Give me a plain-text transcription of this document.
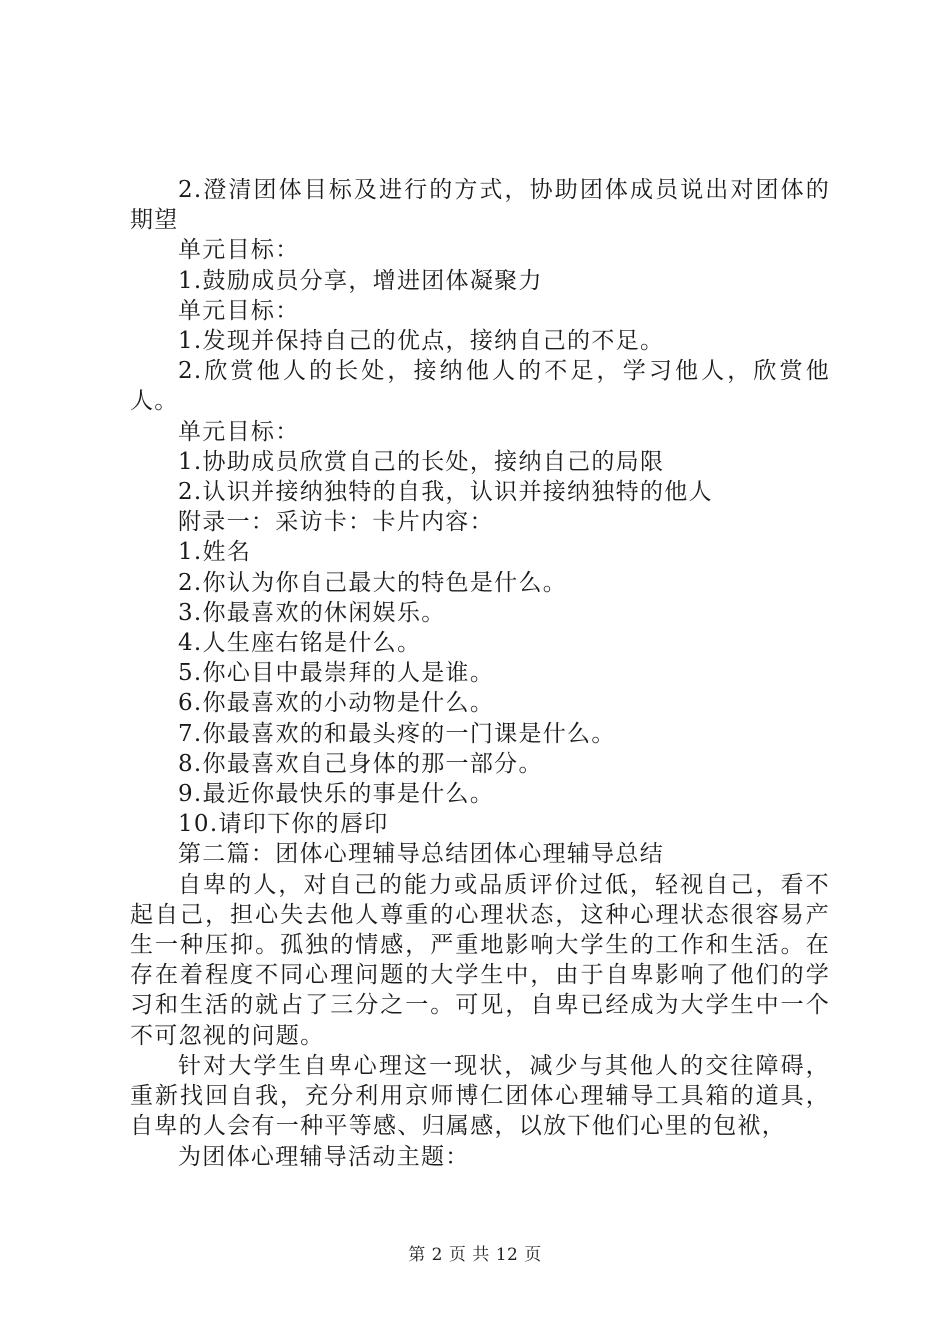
2.澄清团体目标及进行的方式，协助团体成员说出对团体的期望

单元目标：

1.鼓励成员分享，增进团体凝聚力

单元目标：

1.发现并保持自己的优点，接纳自己的不足。

2.欣赏他人的长处，接纳他人的不足，学习他人，欣赏他人。

单元目标：

1.协助成员欣赏自己的长处，接纳自己的局限

2.认识并接纳独特的自我，认识并接纳独特的他人

附录一：采访卡：卡片内容：

1.姓名

2.你认为你自己最大的特色是什么。

3.你最喜欢的休闲娱乐。

4.人生座右铭是什么。

5.你心目中最崇拜的人是谁。

6.你最喜欢的小动物是什么。

7.你最喜欢的和最头疼的一门课是什么。

8.你最喜欢自己身体的那一部分。

9.最近你最快乐的事是什么。

10.请印下你的唇印

第二篇：团体心理辅导总结团体心理辅导总结

自卑的人，对自己的能力或品质评价过低，轻视自己，看不起自己，担心失去他人尊重的心理状态，这种心理状态很容易产生一种压抑。孤独的情感，严重地影响大学生的工作和生活。在存在着程度不同心理问题的大学生中，由于自卑影响了他们的学习和生活的就占了三分之一。可见，自卑已经成为大学生中一个不可忽视的问题。

针对大学生自卑心理这一现状，减少与其他人的交往障碍，重新找回自我，充分利用京师博仁团体心理辅导工具箱的道具，自卑的人会有一种平等感、归属感，以放下他们心里的包袱，

为团体心理辅导活动主题：

第 2 页 共 12 页
